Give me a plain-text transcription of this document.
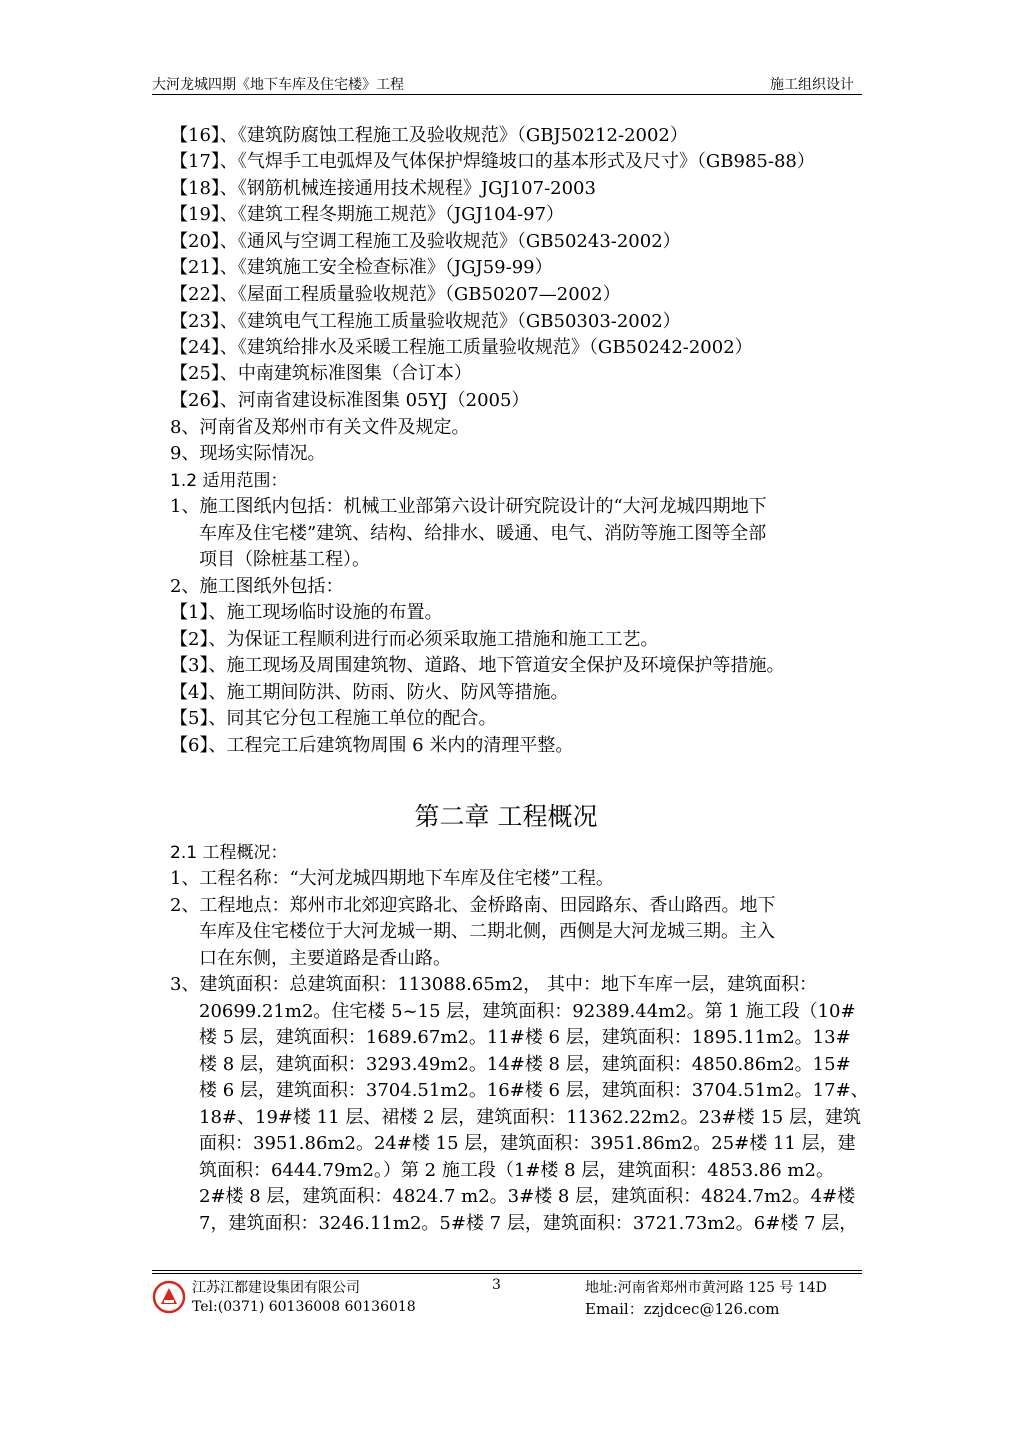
大河龙城四期《地下车库及住宅楼》工程	施工组织设计
【16】、《建筑防腐蚀工程施工及验收规范》（GBJ50212-2002）
【17】、《气焊手工电弧焊及气体保护焊缝坡口的基本形式及尺寸》（GB985-88）
【18】、《钢筋机械连接通用技术规程》JGJ107-2003
【19】、《建筑工程冬期施工规范》（JGJ104-97）
【20】、《通风与空调工程施工及验收规范》（GB50243-2002）
【21】、《建筑施工安全检查标准》（JGJ59-99）
【22】、《屋面工程质量验收规范》（GB50207—2002）
【23】、《建筑电气工程施工质量验收规范》（GB50303-2002）
【24】、《建筑给排水及采暖工程施工质量验收规范》（GB50242-2002）
【25】、中南建筑标准图集（合订本）
【26】、河南省建设标准图集 05YJ（2005）
8、河南省及郑州市有关文件及规定。
9、现场实际情况。
1.2 适用范围：
1、施工图纸内包括：机械工业部第六设计研究院设计的“大河龙城四期地下
车库及住宅楼”建筑、结构、给排水、暖通、电气、消防等施工图等全部
项目（除桩基工程）。
2、施工图纸外包括：
【1】、施工现场临时设施的布置。
【2】、为保证工程顺利进行而必须采取施工措施和施工工艺。
【3】、施工现场及周围建筑物、道路、地下管道安全保护及环境保护等措施。
【4】、施工期间防洪、防雨、防火、防风等措施。
【5】、同其它分包工程施工单位的配合。
【6】、工程完工后建筑物周围 6 米内的清理平整。
第二章 工程概况
2.1 工程概况：
1、工程名称：“大河龙城四期地下车库及住宅楼”工程。
2、工程地点：郑州市北郊迎宾路北、金桥路南、田园路东、香山路西。地下
车库及住宅楼位于大河龙城一期、二期北侧，西侧是大河龙城三期。主入
口在东侧，主要道路是香山路。
3、建筑面积：总建筑面积：113088.65m2， 其中：地下车库一层，建筑面积：
20699.21m2。住宅楼 5~15 层，建筑面积：92389.44m2。第 1 施工段（10#
楼 5 层，建筑面积：1689.67m2。11#楼 6 层，建筑面积：1895.11m2。13#
楼 8 层，建筑面积：3293.49m2。14#楼 8 层，建筑面积：4850.86m2。15#
楼 6 层，建筑面积：3704.51m2。16#楼 6 层，建筑面积：3704.51m2。17#、
18#、19#楼 11 层、裙楼 2 层，建筑面积：11362.22m2。23#楼 15 层，建筑
面积：3951.86m2。24#楼 15 层，建筑面积：3951.86m2。25#楼 11 层，建
筑面积：6444.79m2。）第 2 施工段（1#楼 8 层，建筑面积：4853.86 m2。
2#楼 8 层，建筑面积：4824.7 m2。3#楼 8 层，建筑面积：4824.7m2。4#楼
7，建筑面积：3246.11m2。5#楼 7 层，建筑面积：3721.73m2。6#楼 7 层，
江苏江都建设集团有限公司	3	地址:河南省郑州市黄河路 125 号 14D
Tel:(0371) 60136008 60136018	Email：zzjdcec@126.com
